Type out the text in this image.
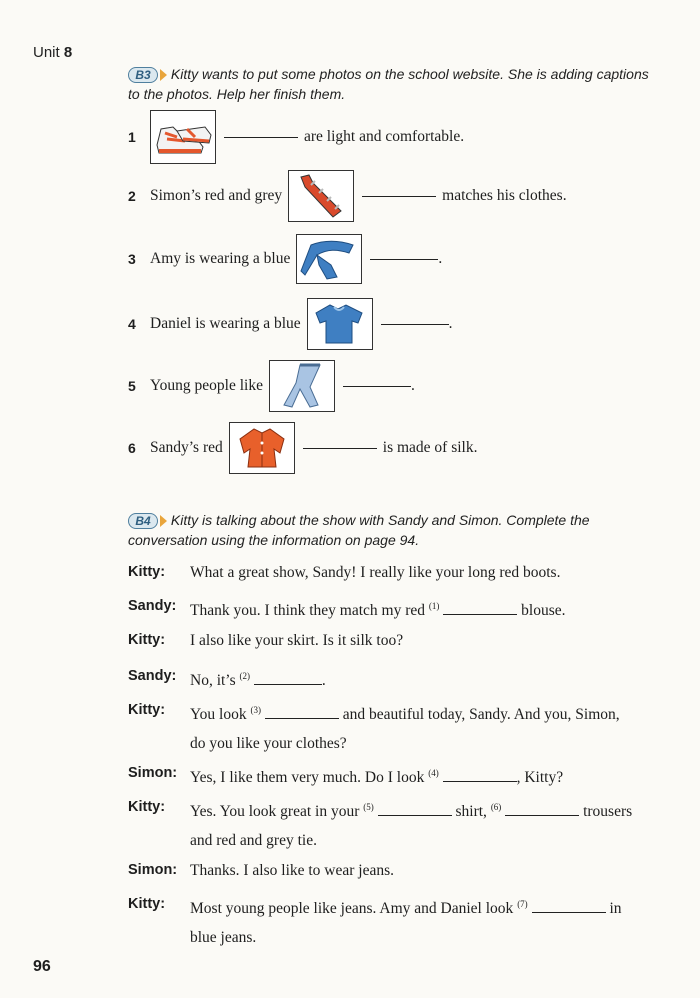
Unit 8
B3	Kitty wants to put some photos on the school website. She is adding captions
to the photos. Help her finish them.
1	are light and comfortable.
2 Simon’s red and grey	matches his clothes.
3 Amy is wearing a blue	.
4 Daniel is wearing a blue	.
5 Young people like	.
6 Sandy’s red	is made of silk.
B4	Kitty is talking about the show with Sandy and Simon. Complete the
conversation using the information on page 94.
Kitty:	What a great show, Sandy! I really like your long red boots.
Sandy: Thank you. I think they match my red $^{(1)}$	blouse.
Kitty:	I also like your skirt. Is it silk too?
Sandy: No, it’s $^{(2)}$	.
Kitty:	You look $^{(3)}$	and beautiful today, Sandy. And you, Simon,
do you like your clothes?
Simon: Yes, I like them very much. Do I look $^{(4)}$	, Kitty?
Kitty:	Yes. You look great in your $^{(5)}$	shirt, $^{(6)}$	trousers
and red and grey tie.
Simon: Thanks. I also like to wear jeans.
Kitty:	Most young people like jeans. Amy and Daniel look $^{(7)}$	in
blue jeans.
96
